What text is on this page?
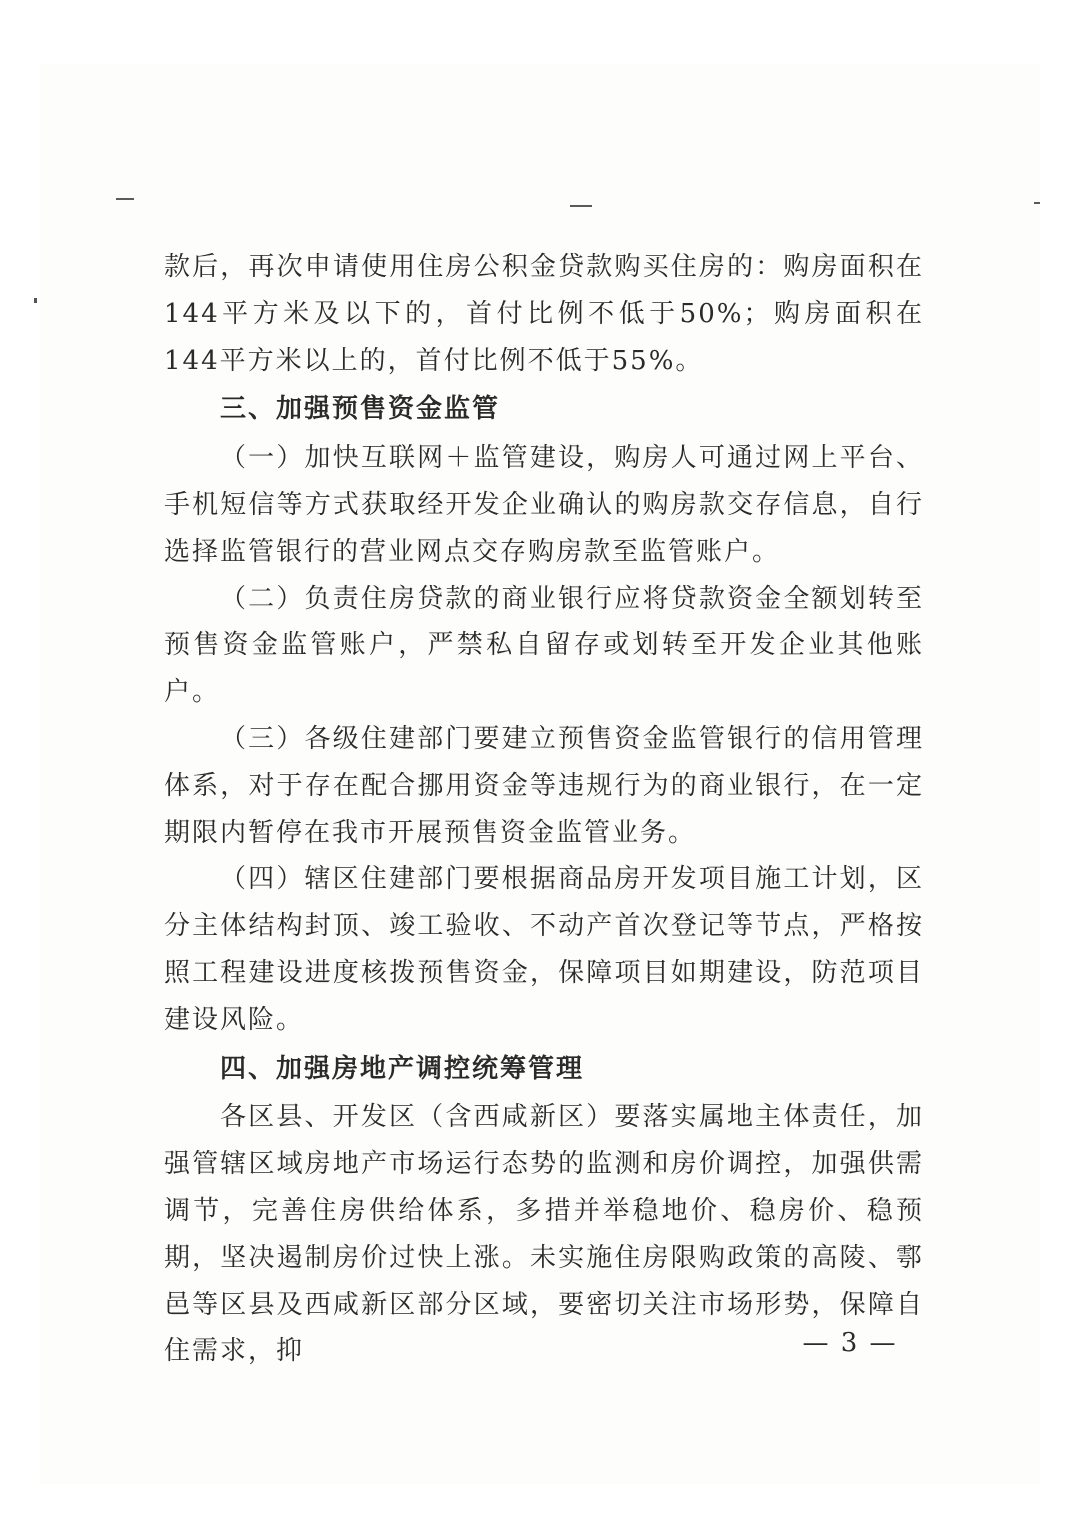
款后，再次申请使用住房公积金贷款购买住房的：购房面积在144平方米及以下的，首付比例不低于50%；购房面积在144平方米以上的，首付比例不低于55%。

三、加强预售资金监管

（一）加快互联网＋监管建设，购房人可通过网上平台、手机短信等方式获取经开发企业确认的购房款交存信息，自行选择监管银行的营业网点交存购房款至监管账户。

（二）负责住房贷款的商业银行应将贷款资金全额划转至预售资金监管账户，严禁私自留存或划转至开发企业其他账户。

（三）各级住建部门要建立预售资金监管银行的信用管理体系，对于存在配合挪用资金等违规行为的商业银行，在一定期限内暂停在我市开展预售资金监管业务。

（四）辖区住建部门要根据商品房开发项目施工计划，区分主体结构封顶、竣工验收、不动产首次登记等节点，严格按照工程建设进度核拨预售资金，保障项目如期建设，防范项目建设风险。

四、加强房地产调控统筹管理

各区县、开发区（含西咸新区）要落实属地主体责任，加强管辖区域房地产市场运行态势的监测和房价调控，加强供需调节，完善住房供给体系，多措并举稳地价、稳房价、稳预期，坚决遏制房价过快上涨。未实施住房限购政策的高陵、鄠邑等区县及西咸新区部分区域，要密切关注市场形势，保障自住需求，抑	— 3 —
